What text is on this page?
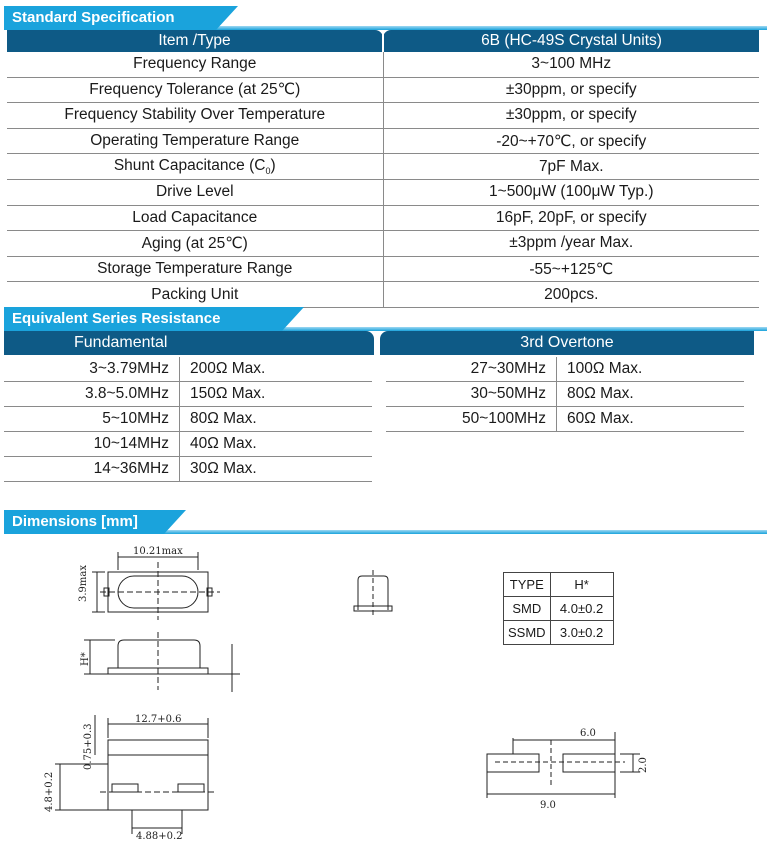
Standard Specification
Item /Type	6B (HC-49S Crystal Units)
Frequency Range	3~100 MHz
Frequency Tolerance (at 25℃)	±30ppm, or specify
Frequency Stability Over Temperature	±30ppm, or specify
Operating Temperature Range	-20~+70℃, or specify
Shunt Capacitance $(C_0)$	7pF Max.
Drive Level	1~500μW (100μW Typ.)
Load Capacitance	16pF, 20pF, or specify
Aging (at 25℃)	±3ppm /year Max.
Storage Temperature Range	-55~+125℃
Packing Unit	200pcs.
Equivalent Series Resistance
Fundamental	3rd Overtone
3~3.79MHz	200Ω Max.
3.8~5.0MHz	150Ω Max.
5~10MHz	80Ω Max.
10~14MHz	40Ω Max.
14~36MHz	30Ω Max.
27~30MHz	100Ω Max.
30~50MHz	80Ω Max.
50~100MHz	60Ω Max.
Dimensions [mm]
10.21max
3.9max
H*
12.7+0.6
0.75+0.3
4.8+0.2
4.88+0.2
6.0
2.0
9.0
TYPE	H*
SMD	4.0±0.2
SSMD	3.0±0.2
